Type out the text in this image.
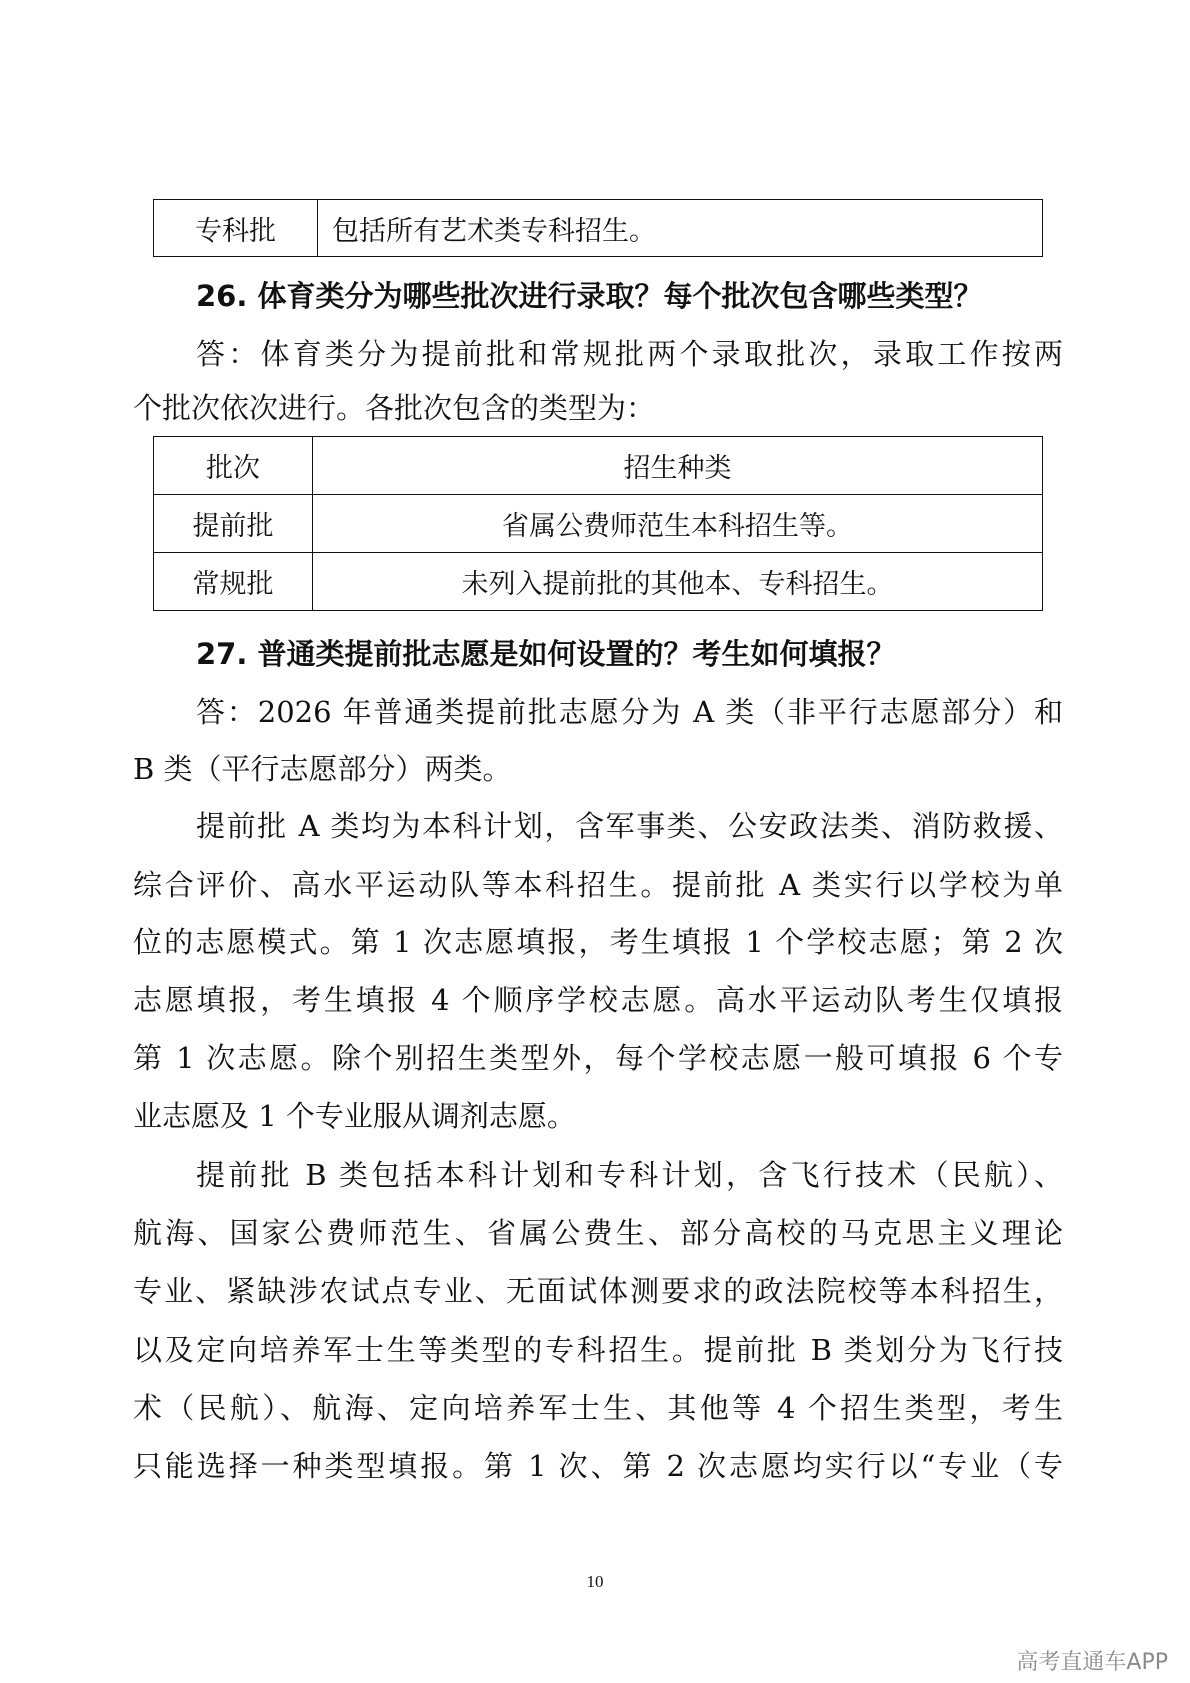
专科批	包括所有艺术类专科招生。
26. 体育类分为哪些批次进行录取？每个批次包含哪些类型？
答：体育类分为提前批和常规批两个录取批次，录取工作按两
个批次依次进行。各批次包含的类型为：
批次	招生种类
提前批	省属公费师范生本科招生等。
常规批	未列入提前批的其他本、专科招生。
27. 普通类提前批志愿是如何设置的？考生如何填报？
答：2026 年普通类提前批志愿分为 A 类（非平行志愿部分）和
B 类（平行志愿部分）两类。
提前批 A 类均为本科计划，含军事类、公安政法类、消防救援、
综合评价、高水平运动队等本科招生。提前批 A 类实行以学校为单
位的志愿模式。第 1 次志愿填报，考生填报 1 个学校志愿；第 2 次
志愿填报，考生填报 4 个顺序学校志愿。高水平运动队考生仅填报
第 1 次志愿。除个别招生类型外，每个学校志愿一般可填报 6 个专
业志愿及 1 个专业服从调剂志愿。
提前批 B 类包括本科计划和专科计划，含飞行技术（民航）、
航海、国家公费师范生、省属公费生、部分高校的马克思主义理论
专业、紧缺涉农试点专业、无面试体测要求的政法院校等本科招生，
以及定向培养军士生等类型的专科招生。提前批 B 类划分为飞行技
术（民航）、航海、定向培养军士生、其他等 4 个招生类型，考生
只能选择一种类型填报。第 1 次、第 2 次志愿均实行以“专业（专
10
高考直通车APP
